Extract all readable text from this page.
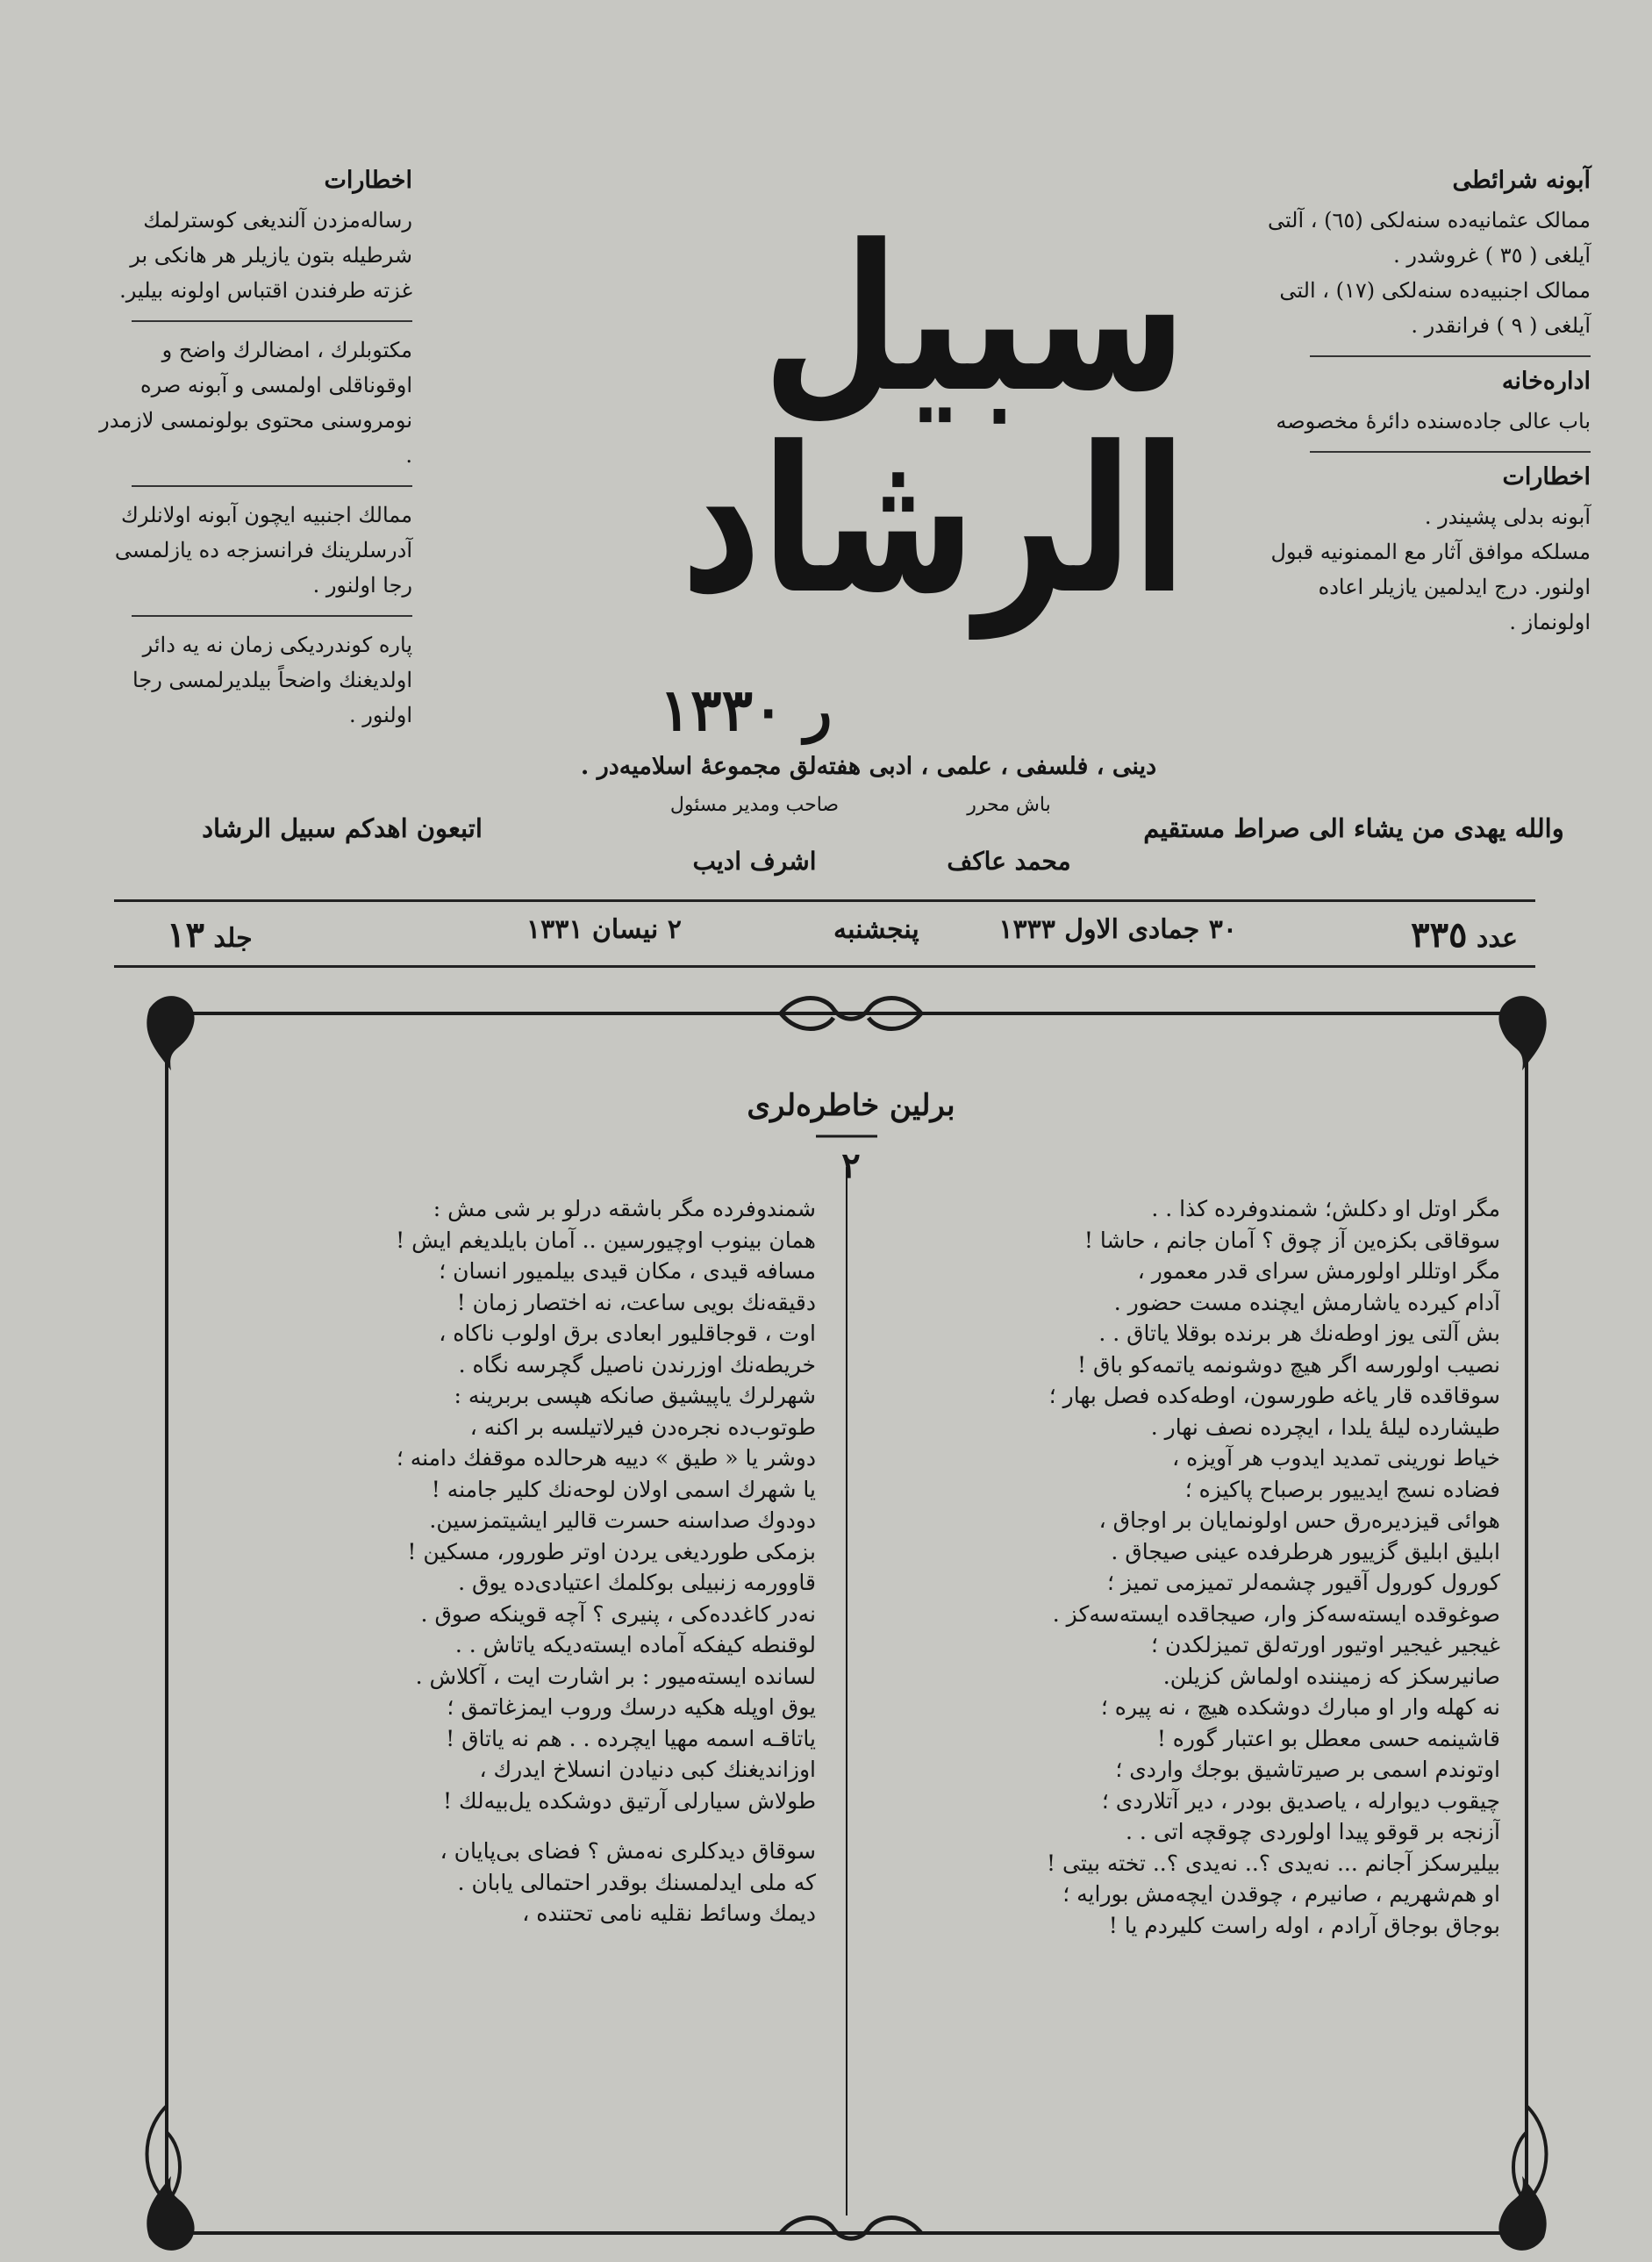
اخطارات
رساله‌مزدن آلندیغی کوسترلمك
شرطیله بتون یازیلر هر هانکی بر
غزته طرفندن اقتباس اولونه بیلیر.
مکتوبلرك ، امضالرك واضح و
اوقوناقلی اولمسی و آبونه صره
نومروسنی محتوی بولونمسی لازمدر .
ممالك اجنبیه ایچون آبونه اولانلرك
آدرسلرینك فرانسزجه ده یازلمسی
رجا اولنور .
پاره کوندردیکی زمان نه یه دائر
اولدیغنك واضحاً بیلدیرلمسی رجا
اولنور .
آبونه شرائطی
ممالک عثمانیه‌ده سنه‌لکی (٦٥) ، آلتی
آیلغی ( ٣٥ ) غروشدر .
ممالک اجنبیه‌ده سنه‌لکی (١٧) ، التی
آیلغی ( ٩ ) فرانقدر .
اداره‌خانه
باب عالی جاده‌سنده دائرهٔ مخصوصه
اخطارات
آبونه بدلی پشیندر .
مسلکه موافق آثار مع الممنونیه قبول
اولنور. درج ایدلمین یازیلر اعاده
اولونماز .
سبیل الرشاد
ر ١٣٣٠
دینی ، فلسفی ، علمی ، ادبی هفته‌لق مجموعهٔ اسلامیه‌در .
والله یهدی من یشاء الی صراط مستقیم
باش محرر
محمد عاكف
صاحب ومدیر مسئول
اشرف ادیب
اتبعون اهدکم سبیل الرشاد
عدد ٣٣٥
٣٠ جمادی الاول ١٣٣٣
پنجشنبه
٢ نیسان ١٣٣١
جلد ١٣
برلین خاطره‌لری
٢
مگر اوتل او دکلش؛ شمندوفرده کذا . .
سوقاقی بکزه‌ین آز چوق ؟ آمان جانم ، حاشا !
مگر اوتللر اولورمش سرای قدر معمور ،
آدام کیرده یاشارمش ایچنده مست حضور .
بش آلتی یوز اوطه‌نك هر برنده بوقلا یاتاق . .
نصیب اولورسه اگر هیچ دوشونمه یاتمه‌کو باق !
سوقاقده قار یاغه طورسون، اوطه‌کده فصل بهار ؛
طیشارده لیلهٔ یلدا ، ایچرده نصف نهار .
خیاط نورینی تمدید ایدوب هر آویزه ،
فضاده نسج ایدییور برصباح پاکیزه ؛
هوائی قیزدیره‌رق حس اولونمایان بر اوجاق ،
ابلیق ابلیق گزییور هرطرفده عینی صیجاق .
کورول کورول آقیور چشمه‌لر تمیزمی تمیز ؛
صوغوقده ایسته‌سه‌کز وار، صیجاقده ایسته‌سه‌کز .
غیجیر غیجیر اوتیور اورته‌لق تمیزلکدن ؛
صانیرسکز که زمیننده اولماش کزیلن.
نه کهله وار او مبارك دوشکده هیچ ، نه پیره ؛
قاشینمه حسی معطل بو اعتبار گوره !
اوتوندم اسمی بر صیرتاشیق بوجك واردی ؛
چیقوب دیوارله ، یاصدیق بودر ، دیر آتلاردی ؛
آزنجه بر قوقو پیدا اولوردی چوقچه اتی . .
بیلیرسکز آجانم ... نه‌یدی ؟.. نه‌یدی ؟.. تخته بیتی !
او هم‌شهریم ، صانیرم ، چوقدن ایچه‌مش بورایه ؛
بوجاق بوجاق آرادم ، اوله راست کلیردم یا !
شمندوفرده مگر باشقه درلو بر شی مش :
همان بینوب اوچیورسین .. آمان بایلدیغم ایش !
مسافه قیدی ، مکان قیدی بیلمیور انسان ؛
دقیقه‌نك بویی ساعت، نه اختصار زمان !
اوت ، قوجاقلیور ابعادی برق اولوب ناکاه ،
خریطه‌نك اوزرندن ناصیل گچرسه نگاه .
شهرلرك یاپیشیق صانکه هپسی بربرینه :
طوتوب‌ده نجره‌دن فیرلاتیلسه بر اکنه ،
دوشر یا « طیق » دییه هرحالده موقفك دامنه ؛
یا شهرك اسمی اولان لوحه‌نك کلیر جامنه !
دودوك صداسنه حسرت قالیر ایشیتمزسین.
بزمکی طوردیغی یردن اوتر طورور، مسکین !
قاوورمه زنبیلی بوکلمك اعتیادی‌ده یوق .
نه‌در کاغدده‌کی ، پنیری ؟ آچه قوینکه صوق .
لوقنطه کیفکه آماده ایسته‌دیکه یاتاش . .
لسانده ایسته‌میور : بر اشارت ایت ، آکلاش .
یوق اوپله هکیه درسك وروب ایمزغاتمق ؛
یاتاقـه اسمه مهیا ایچرده . . هم نه یاتاق !
اوزاندیغنك کبی دنیادن انسلاخ ایدرك ،
طولاش سیارلی آرتیق دوشکده یل‌بیه‌لك !
سوقاق دیدکلری نه‌مش ؟ فضای بی‌پایان ،
که ملی ایدلمسنك بوقدر احتمالی یابان .
دیمك وسائط نقلیه نامی تحتنده ،
